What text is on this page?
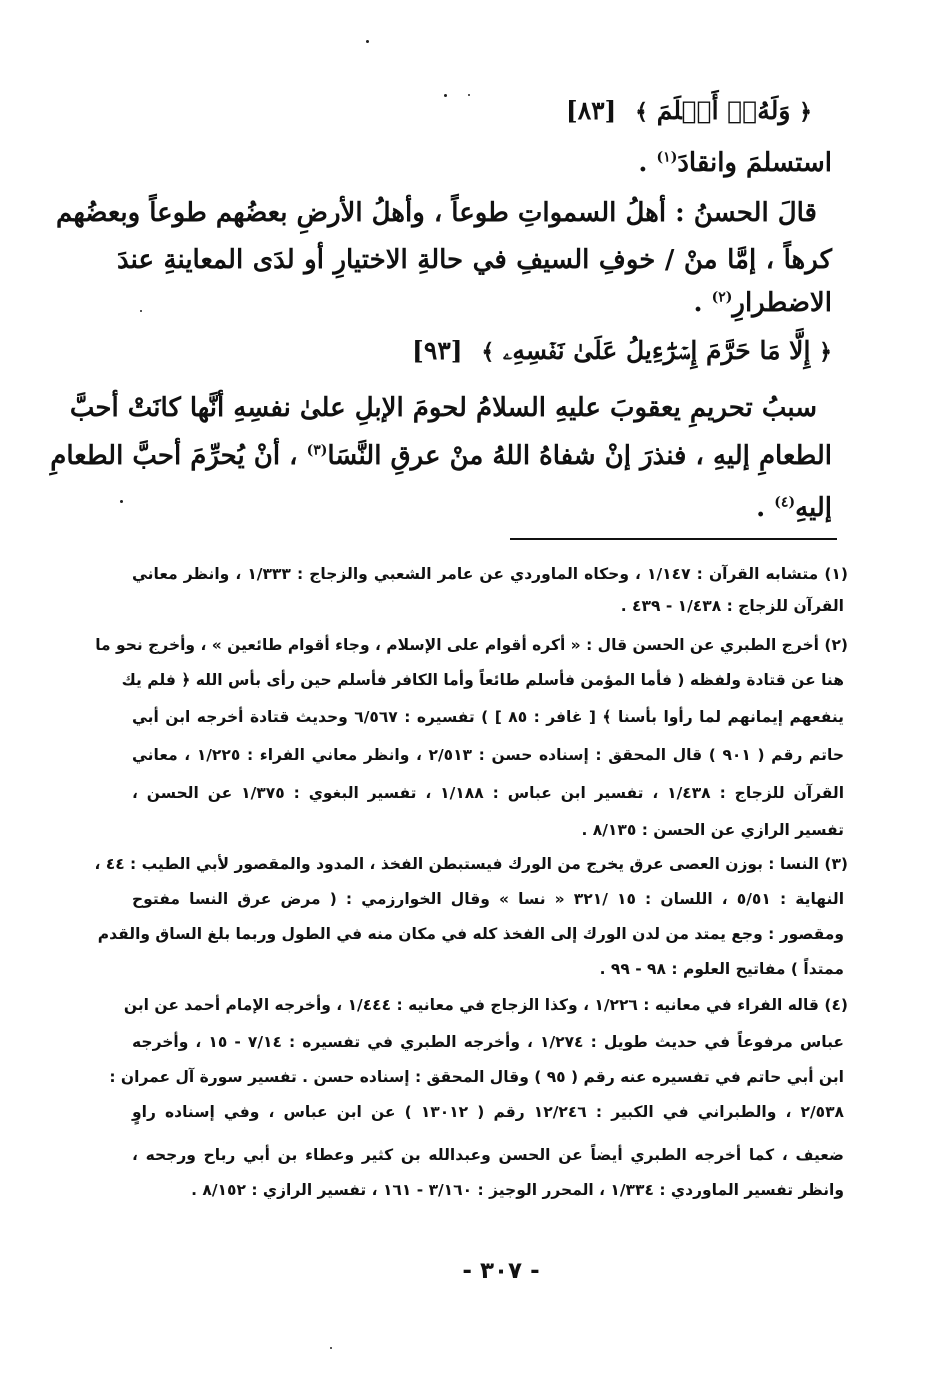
﴿ وَلَهُۥٓ أَسۡلَمَ ﴾ [٨٣]
استسلمَ وانقادَ$^{(١)}$ .
قالَ الحسنُ : أهلُ السمواتِ طوعاً ، وأهلُ الأرضِ بعضُهم طوعاً وبعضُهم
كرهاً ، إمَّا منْ / خوفِ السيفِ في حالةِ الاختيارِ أو لدَى المعاينةِ عندَ
الاضطرارِ$^{(٢)}$ .
﴿ إِلَّا مَا حَرَّمَ إِسۡرَٰٓءِيلُ عَلَىٰ نَفۡسِهِۦ ﴾ [٩٣]
سببُ تحريمِ يعقوبَ عليهِ السلامُ لحومَ الإبلِ علىٰ نفسِهِ أنَّها كانَتْ أحبَّ
الطعامِ إليهِ ، فنذرَ إنْ شفاهُ اللهُ منْ عرقِ النَّسَا$^{(٣)}$ ، أنْ يُحرِّمَ أحبَّ الطعامِ
إليهِ$^{(٤)}$ .
(١) متشابه القرآن : ١/١٤٧ ، وحكاه الماوردي عن عامر الشعبي والزجاج : ١/٣٣٣ ، وانظر معاني
القرآن للزجاج : ١/٤٣٨ - ٤٣٩ .
(٢) أخرج الطبري عن الحسن قال : « أكره أقوام على الإسلام ، وجاء أقوام طائعين » ، وأخرج نحو ما
هنا عن قتادة ولفظه ( فأما المؤمن فأسلم طائعاً وأما الكافر فأسلم حين رأى بأس الله ﴿ فلم يك
ينفعهم إيمانهم لما رأوا بأسنا ﴾ [ غافر : ٨٥ ] ) تفسيره : ٦/٥٦٧ وحديث قتادة أخرجه ابن أبي
حاتم رقم ( ٩٠١ ) قال المحقق : إسناده حسن : ٢/٥١٣ ، وانظر معاني الفراء : ١/٢٢٥ ، معاني
القرآن للزجاج : ١/٤٣٨ ، تفسير ابن عباس : ١/١٨٨ ، تفسير البغوي : ١/٣٧٥ عن الحسن ،
تفسير الرازي عن الحسن : ٨/١٣٥ .
(٣) النسا : بوزن العصى عرق يخرج من الورك فيستبطن الفخذ ، المدود والمقصور لأبي الطيب : ٤٤ ،
النهاية : ٥/٥١ ، اللسان : ١٥ /٣٢١ « نسا » وقال الخوارزمي : ( مرض عرق النسا مفتوح
ومقصور : وجع يمتد من لدن الورك إلى الفخذ كله في مكان منه في الطول وربما بلغ الساق والقدم
ممتداً ) مفاتيح العلوم : ٩٨ - ٩٩ .
(٤) قاله الفراء في معانيه : ١/٢٢٦ ، وكذا الزجاج في معانيه : ١/٤٤٤ ، وأخرجه الإمام أحمد عن ابن
عباس مرفوعاً في حديث طويل : ١/٢٧٤ ، وأخرجه الطبري في تفسيره : ٧/١٤ - ١٥ ، وأخرجه
ابن أبي حاتم في تفسيره عنه رقم ( ٩٥ ) وقال المحقق : إسناده حسن . تفسير سورة آل عمران :
٢/٥٣٨ ، والطبراني في الكبير : ١٢/٢٤٦ رقم ( ١٣٠١٢ ) عن ابن عباس ، وفي إسناده راوٍ
ضعيف ، كما أخرجه الطبري أيضاً عن الحسن وعبدالله بن كثير وعطاء بن أبي رباح ورجحه ،
وانظر تفسير الماوردي : ١/٣٣٤ ، المحرر الوجيز : ٣/١٦٠ - ١٦١ ، تفسير الرازي : ٨/١٥٢ .
- ٣٠٧ -
